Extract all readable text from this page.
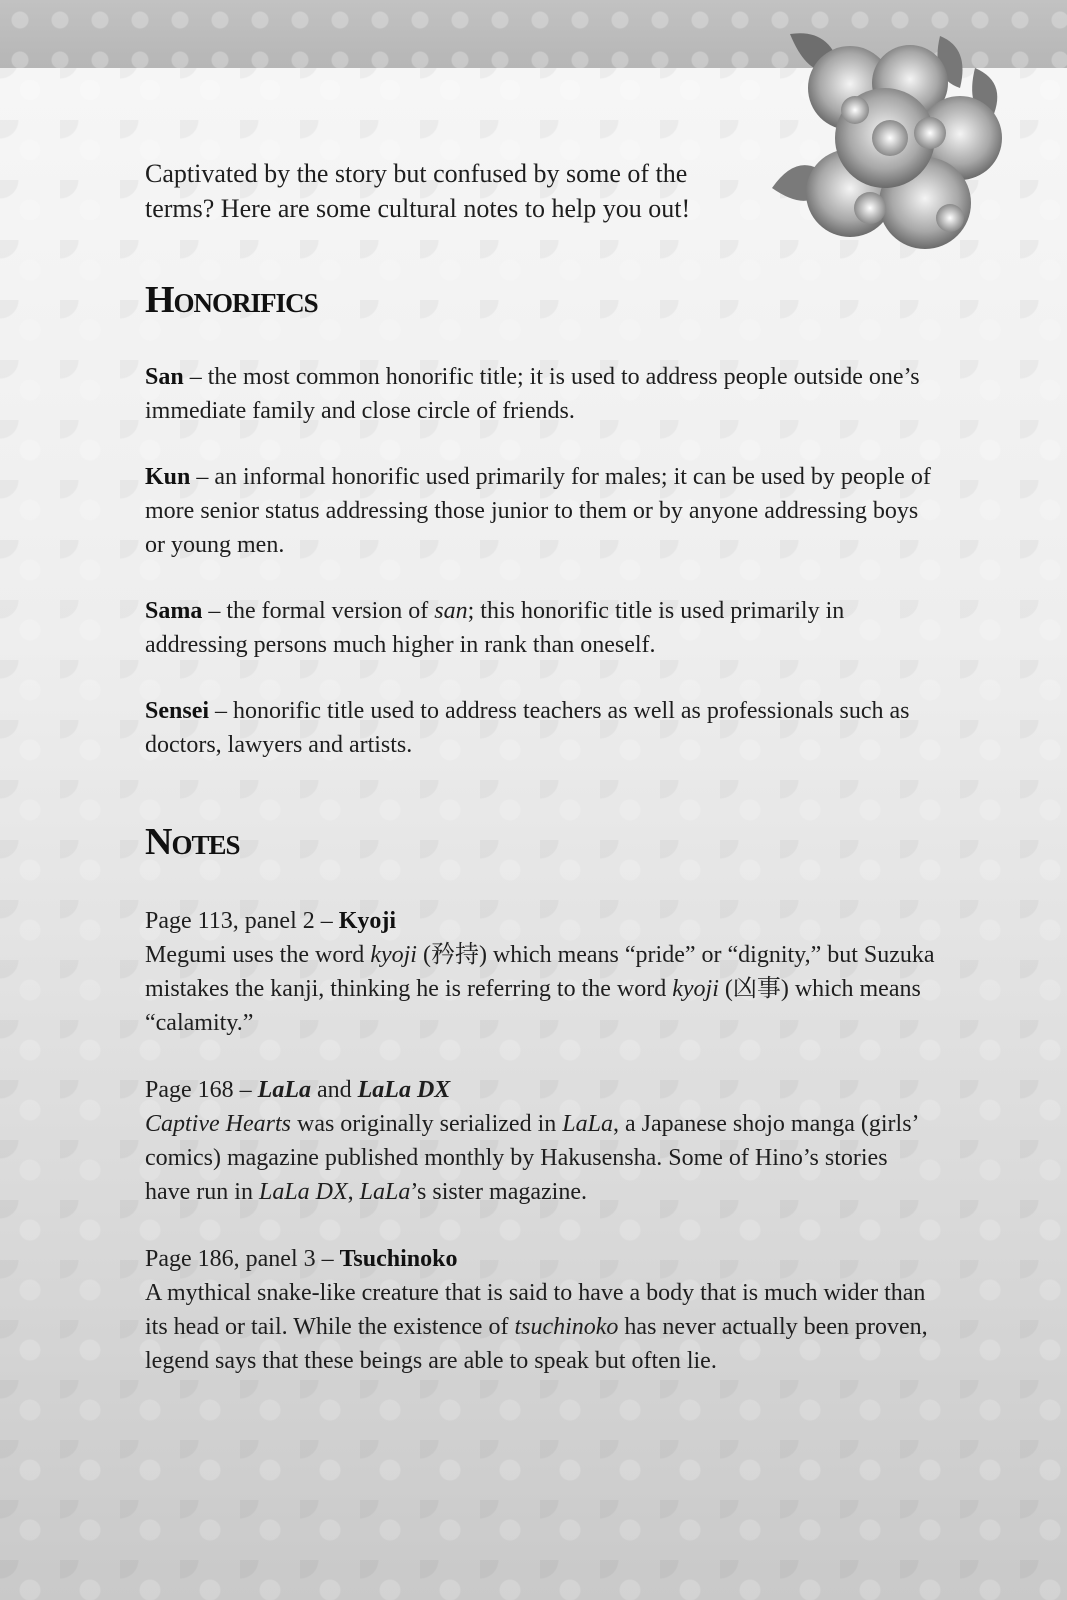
Captivated by the story but confused by some of the
terms? Here are some cultural notes to help you out!

Honorifics

San – the most common honorific title; it is used to address people outside one’s immediate family and close circle of friends.

Kun – an informal honorific used primarily for males; it can be used by people of more senior status addressing those junior to them or by anyone addressing boys or young men.

Sama – the formal version of san; this honorific title is used primarily in addressing persons much higher in rank than oneself.

Sensei – honorific title used to address teachers as well as professionals such as doctors, lawyers and artists.

Notes

Page 113, panel 2 – Kyoji

Megumi uses the word kyoji (矜持) which means “pride” or “dignity,” but Suzuka mistakes the kanji, thinking he is referring to the word kyoji (凶事) which means “calamity.”

Page 168 – LaLa and LaLa DX

Captive Hearts was originally serialized in LaLa, a Japanese shojo manga (girls’ comics) magazine published monthly by Hakusensha. Some of Hino’s stories have run in LaLa DX, LaLa’s sister magazine.

Page 186, panel 3 – Tsuchinoko

A mythical snake-like creature that is said to have a body that is much wider than its head or tail. While the existence of tsuchinoko has never actually been proven, legend says that these beings are able to speak but often lie.
